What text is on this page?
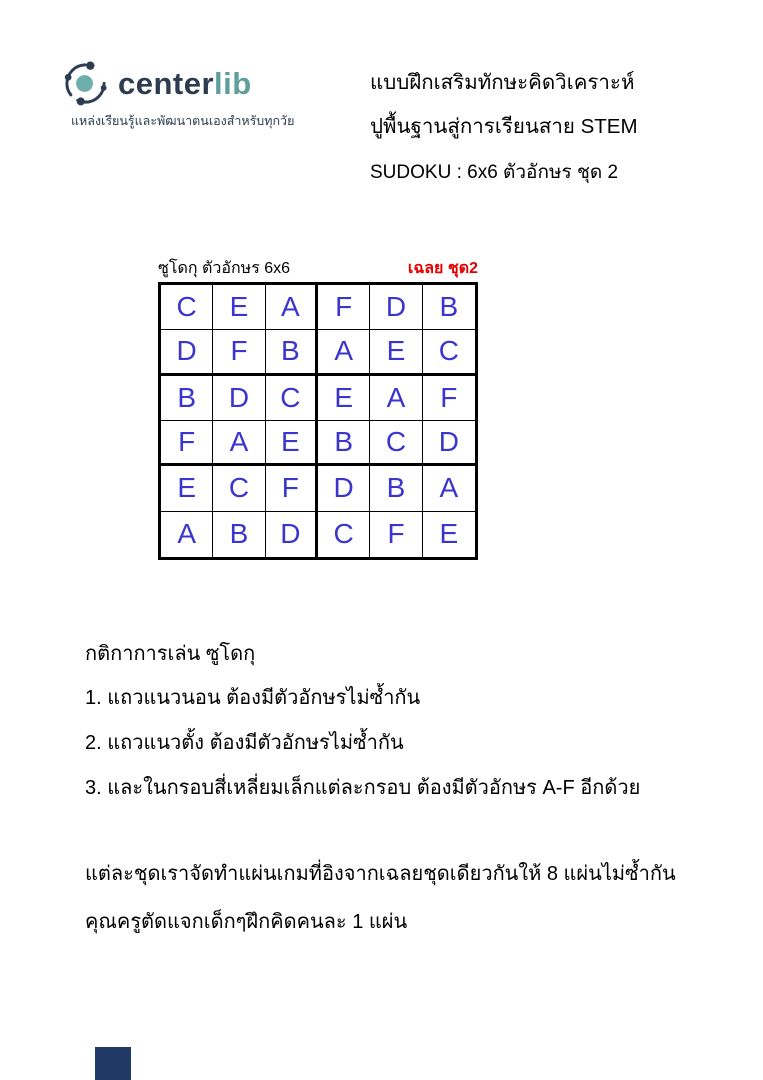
centerlib
แหล่งเรียนรู้และพัฒนาตนเองสำหรับทุกวัย
แบบฝึกเสริมทักษะคิดวิเคราะห์
ปูพื้นฐานสู่การเรียนสาย STEM
SUDOKU : 6x6 ตัวอักษร ชุด 2
ซูโดกุ ตัวอักษร 6x6	เฉลย ชุด2
C	E	A	F	D	B
D	F	B	A	E	C
B	D	C	E	A	F
F	A	E	B	C	D
E	C	F	D	B	A
A	B	D	C	F	E
กติกาการเล่น ซูโดกุ
1. แถวแนวนอน ต้องมีตัวอักษรไม่ซ้ำกัน
2. แถวแนวตั้ง ต้องมีตัวอักษรไม่ซ้ำกัน
3. และในกรอบสี่เหลี่ยมเล็กแต่ละกรอบ ต้องมีตัวอักษร A-F อีกด้วย
แต่ละชุดเราจัดทำแผ่นเกมที่อิงจากเฉลยชุดเดียวกันให้ 8 แผ่นไม่ซ้ำกัน
คุณครูตัดแจกเด็กๆฝึกคิดคนละ 1 แผ่น
